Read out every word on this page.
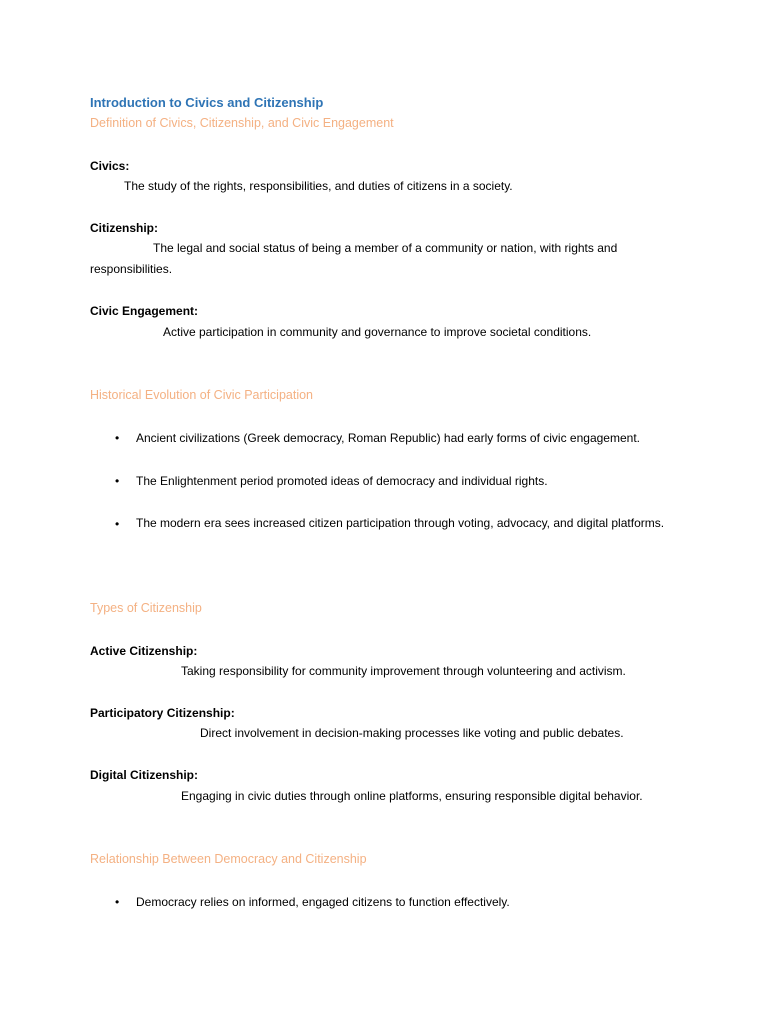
Introduction to Civics and Citizenship
Definition of Civics, Citizenship, and Civic Engagement
Civics:
The study of the rights, responsibilities, and duties of citizens in a society.
Citizenship:
The legal and social status of being a member of a community or nation, with rights and responsibilities.
Civic Engagement:
Active participation in community and governance to improve societal conditions.
Historical Evolution of Civic Participation
• Ancient civilizations (Greek democracy, Roman Republic) had early forms of civic engagement.
• The Enlightenment period promoted ideas of democracy and individual rights.
• The modern era sees increased citizen participation through voting, advocacy, and digital platforms.
Types of Citizenship
Active Citizenship:
Taking responsibility for community improvement through volunteering and activism.
Participatory Citizenship:
Direct involvement in decision-making processes like voting and public debates.
Digital Citizenship:
Engaging in civic duties through online platforms, ensuring responsible digital behavior.
Relationship Between Democracy and Citizenship
• Democracy relies on informed, engaged citizens to function effectively.
